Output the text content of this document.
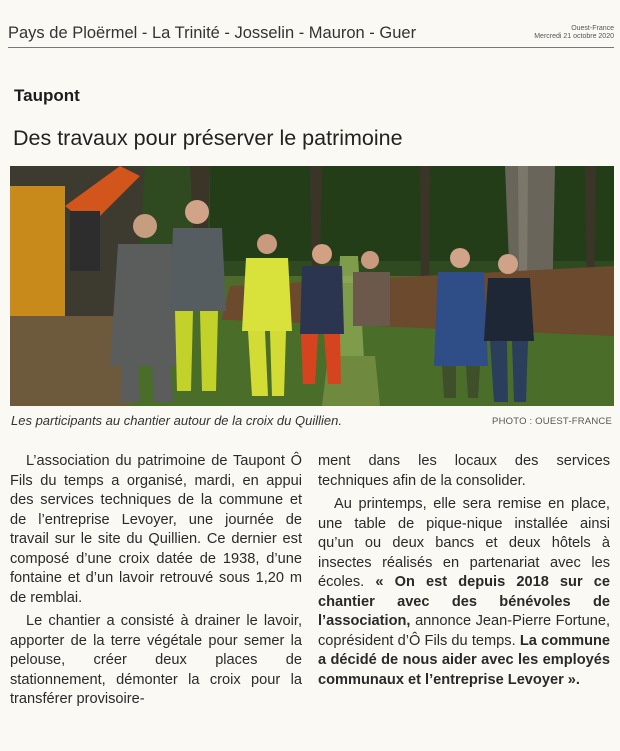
Pays de Ploërmel - La Trinité - Josselin - Mauron - Guer	Ouest-France
Mercredi 21 octobre 2020
Taupont
Des travaux pour préserver le patrimoine
Les participants au chantier autour de la croix du Quillien.	PHOTO : OUEST-FRANCE

L’association du patrimoine de Taupont Ô Fils du temps a organisé, mardi, en appui des services techniques de la commune et de l’entreprise Levoyer, une journée de travail sur le site du Quillien. Ce dernier est composé d’une croix datée de 1938, d’une fontaine et d’un lavoir retrouvé sous 1,20 m de remblai.

Le chantier a consisté à drainer le lavoir, apporter de la terre végétale pour semer la pelouse, créer deux places de stationnement, démonter la croix pour la transférer provisoire-

ment dans les locaux des services techniques afin de la consolider.

Au printemps, elle sera remise en place, une table de pique-nique installée ainsi qu’un ou deux bancs et deux hôtels à insectes réalisés en partenariat avec les écoles. « On est depuis 2018 sur ce chantier avec des bénévoles de l’association, annonce Jean-Pierre Fortune, coprésident d’Ô Fils du temps. La commune a décidé de nous aider avec les employés communaux et l’entreprise Levoyer ».
